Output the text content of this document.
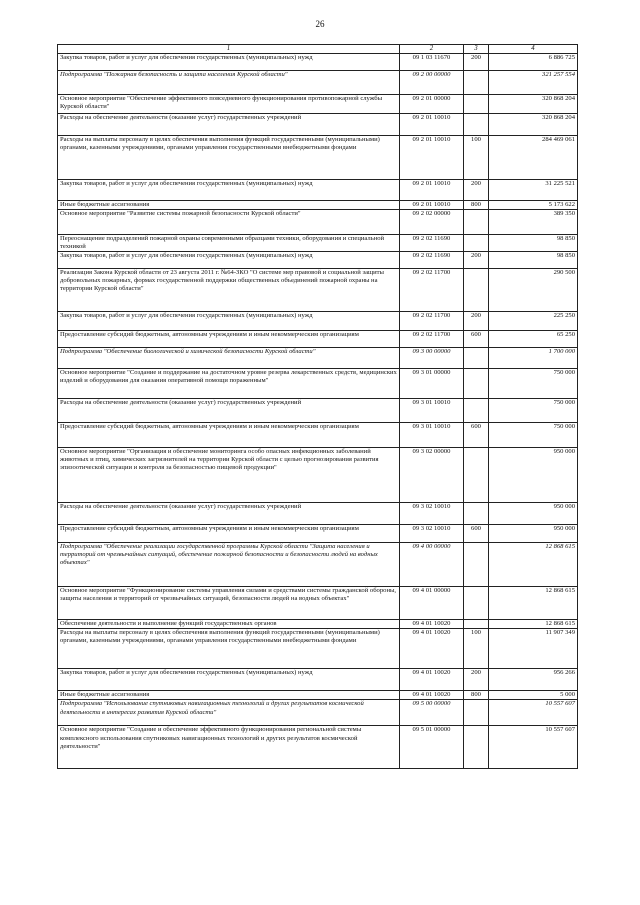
26
1	2	3	4
Закупка товаров, работ и услуг для обеспечения государственных (муниципальных) нужд	09 1 03 11670	200	6 886 725
Подпрограмма "Пожарная безопасность и защита населения Курской области"	09 2 00 00000		321 257 554
Основное мероприятие "Обеспечение эффективного повседневного функционирования противопожарной службы Курской области"	09 2 01 00000		320 868 204
Расходы на обеспечение деятельности (оказание услуг) государственных учреждений	09 2 01 10010		320 868 204
Расходы на выплаты персоналу в целях обеспечения выполнения функций государственными (муниципальными) органами, казенными учреждениями, органами управления государственными внебюджетными фондами	09 2 01 10010	100	284 469 061
Закупка товаров, работ и услуг для обеспечения государственных (муниципальных) нужд	09 2 01 10010	200	31 225 521
Иные бюджетные ассигнования	09 2 01 10010	800	5 173 622
Основное мероприятие "Развитие системы пожарной безопасности Курской области"	09 2 02 00000		389 350
Переоснащение подразделений пожарной охраны современными образцами техники, оборудования и специальной техникой	09 2 02 11690		98 850
Закупка товаров, работ и услуг для обеспечения государственных (муниципальных) нужд	09 2 02 11690	200	98 850
Реализация Закона Курской области от 23 августа 2011 г. №64-ЗКО "О системе мер правовой и социальной защиты добровольных пожарных, формах государственной поддержки общественных объединений пожарной охраны на территории Курской области"	09 2 02 11700		290 500
Закупка товаров, работ и услуг для обеспечения государственных (муниципальных) нужд	09 2 02 11700	200	225 250
Предоставление субсидий бюджетным, автономным учреждениям и иным некоммерческим организациям	09 2 02 11700	600	65 250
Подпрограмма "Обеспечение биологической и химической безопасности Курской области"	09 3 00 00000		1 700 000
Основное мероприятие "Создание и поддержание на достаточном уровне резерва лекарственных средств, медицинских изделий и оборудования для оказания оперативной помощи пораженным"	09 3 01 00000		750 000
Расходы на обеспечение деятельности (оказание услуг) государственных учреждений	09 3 01 10010		750 000
Предоставление субсидий бюджетным, автономным учреждениям и иным некоммерческим организациям	09 3 01 10010	600	750 000
Основное мероприятие "Организация и обеспечение мониторинга особо опасных инфекционных заболеваний животных и птиц, химических загрязнителей на территории Курской области с целью прогнозирования развития эпизоотической ситуации и контроля за безопасностью пищевой продукции"	09 3 02 00000		950 000
Расходы на обеспечение деятельности (оказание услуг) государственных учреждений	09 3 02 10010		950 000
Предоставление субсидий бюджетным, автономным учреждениям и иным некоммерческим организациям	09 3 02 10010	600	950 000
Подпрограмма "Обеспечение реализации государственной программы Курской области "Защита населения и территорий от чрезвычайных ситуаций, обеспечение пожарной безопасности и безопасности людей на водных объектах"	09 4 00 00000		12 868 615
Основное мероприятие "Функционирование системы управления силами и средствами системы гражданской обороны, защиты населения и территорий от чрезвычайных ситуаций, безопасности людей на водных объектах"	09 4 01 00000		12 868 615
Обеспечение деятельности и выполнение функций государственных органов	09 4 01 10020		12 868 615
Расходы на выплаты персоналу в целях обеспечения выполнения функций государственными (муниципальными) органами, казенными учреждениями, органами управления государственными внебюджетными фондами	09 4 01 10020	100	11 907 349
Закупка товаров, работ и услуг для обеспечения государственных (муниципальных) нужд	09 4 01 10020	200	956 266
Иные бюджетные ассигнования	09 4 01 10020	800	5 000
Подпрограмма "Использование спутниковых навигационных технологий и других результатов космической деятельности в интересах развития Курской области"	09 5 00 00000		10 557 607
Основное мероприятие "Создание и обеспечение эффективного функционирования региональной системы комплексного использования спутниковых навигационных технологий и других результатов космической деятельности"	09 5 01 00000		10 557 607
